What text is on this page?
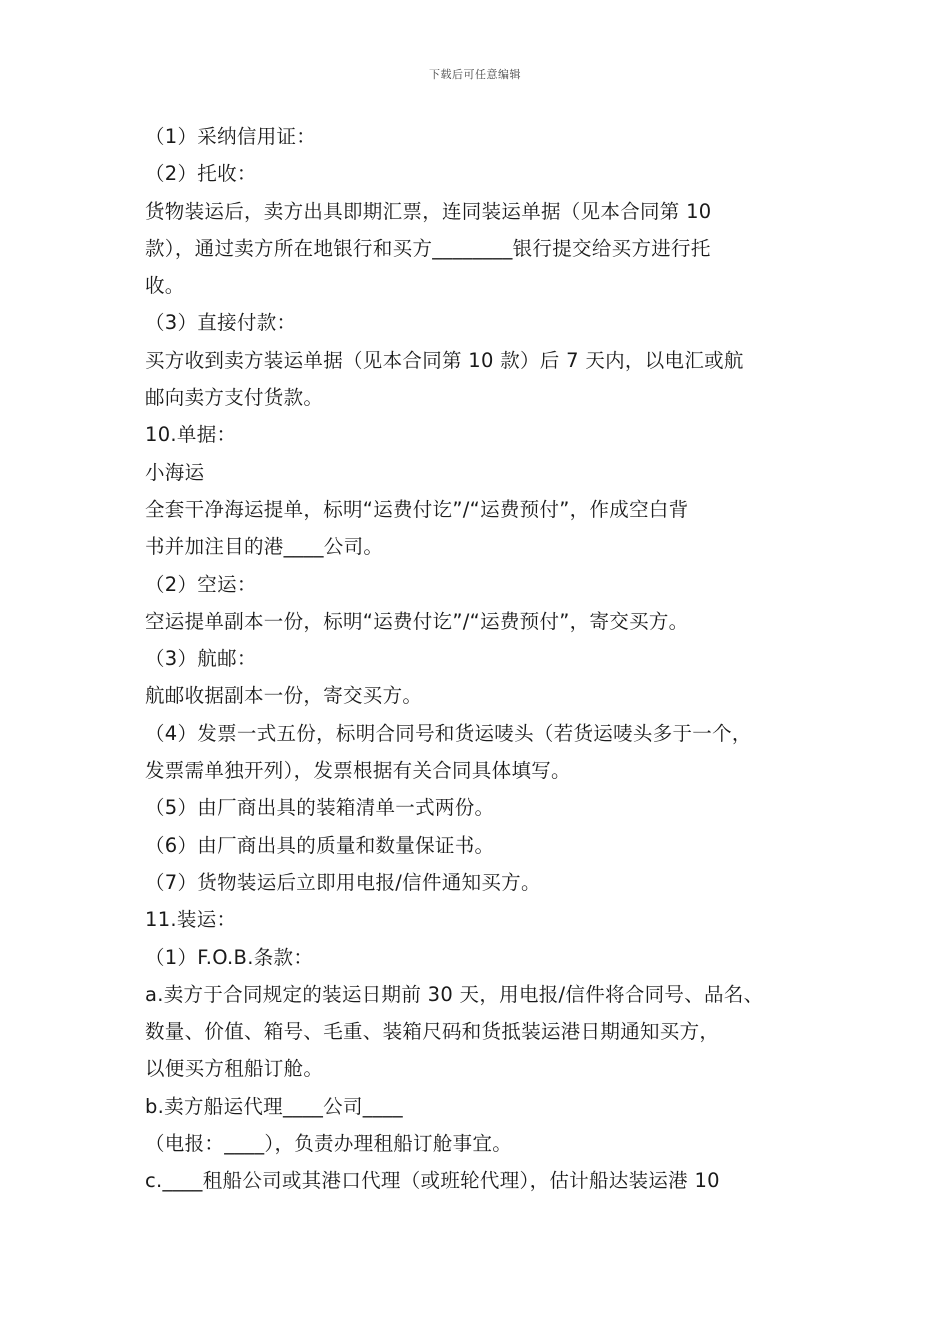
下载后可任意编辑
（1）采纳信用证：
（2）托收：
货物装运后，卖方出具即期汇票，连同装运单据（见本合同第 10
款），通过卖方所在地银行和买方________银行提交给买方进行托
收。
（3）直接付款：
买方收到卖方装运单据（见本合同第 10 款）后 7 天内，以电汇或航
邮向卖方支付货款。
10.单据：
小海运
全套干净海运提单，标明“运费付讫”/“运费预付”，作成空白背
书并加注目的港____公司。
（2）空运：
空运提单副本一份，标明“运费付讫”/“运费预付”，寄交买方。
（3）航邮：
航邮收据副本一份，寄交买方。
（4）发票一式五份，标明合同号和货运唛头（若货运唛头多于一个，
发票需单独开列），发票根据有关合同具体填写。
（5）由厂商出具的装箱清单一式两份。
（6）由厂商出具的质量和数量保证书。
（7）货物装运后立即用电报/信件通知买方。
11.装运：
（1）F.O.B.条款：
a.卖方于合同规定的装运日期前 30 天，用电报/信件将合同号、品名、
数量、价值、箱号、毛重、装箱尺码和货抵装运港日期通知买方，
以便买方租船订舱。
b.卖方船运代理____公司____
（电报：____），负责办理租船订舱事宜。
c.____租船公司或其港口代理（或班轮代理），估计船达装运港 10
